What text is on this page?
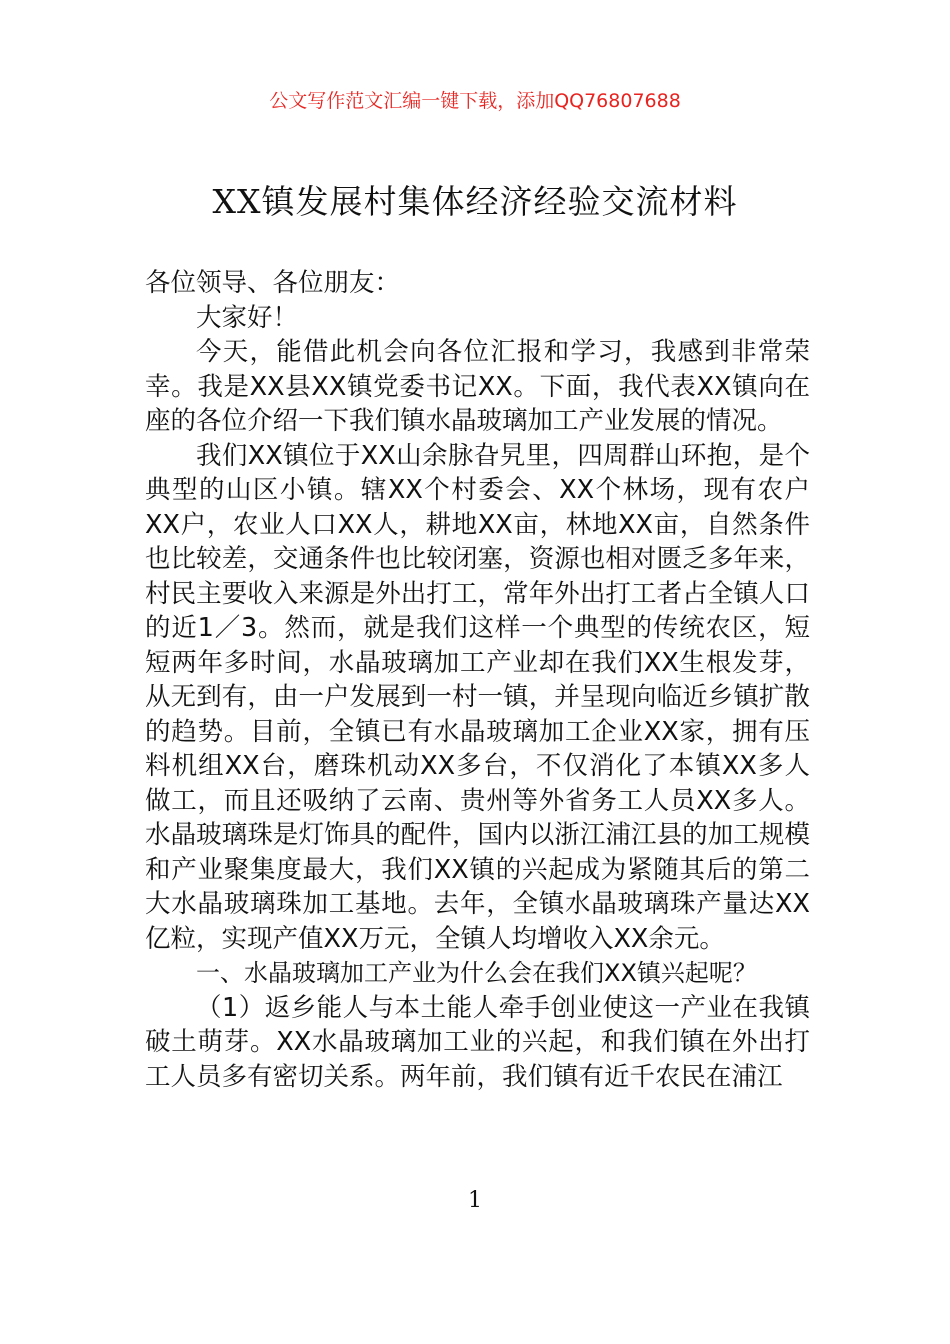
公文写作范文汇编一键下载，添加QQ76807688
XX镇发展村集体经济经验交流材料

各位领导、各位朋友：

大家好！

今天，能借此机会向各位汇报和学习，我感到非常荣幸。我是XX县XX镇党委书记XX。下面，我代表XX镇向在座的各位介绍一下我们镇水晶玻璃加工产业发展的情况。

我们XX镇位于XX山余脉旮旯里，四周群山环抱，是个典型的山区小镇。辖XX个村委会、XX个林场，现有农户XX户，农业人口XX人，耕地XX亩，林地XX亩，自然条件也比较差，交通条件也比较闭塞，资源也相对匮乏多年来，村民主要收入来源是外出打工，常年外出打工者占全镇人口的近1／3。然而，就是我们这样一个典型的传统农区，短短两年多时间，水晶玻璃加工产业却在我们XX生根发芽，从无到有，由一户发展到一村一镇，并呈现向临近乡镇扩散的趋势。目前，全镇已有水晶玻璃加工企业XX家，拥有压料机组XX台，磨珠机动XX多台，不仅消化了本镇XX多人做工，而且还吸纳了云南、贵州等外省务工人员XX多人。水晶玻璃珠是灯饰具的配件，国内以浙江浦江县的加工规模和产业聚集度最大，我们XX镇的兴起成为紧随其后的第二大水晶玻璃珠加工基地。去年，全镇水晶玻璃珠产量达XX亿粒，实现产值XX万元，全镇人均增收入XX余元。

一、水晶玻璃加工产业为什么会在我们XX镇兴起呢？

（1）返乡能人与本土能人牵手创业使这一产业在我镇破土萌芽。XX水晶玻璃加工业的兴起，和我们镇在外出打工人员多有密切关系。两年前，我们镇有近千农民在浦江

1
